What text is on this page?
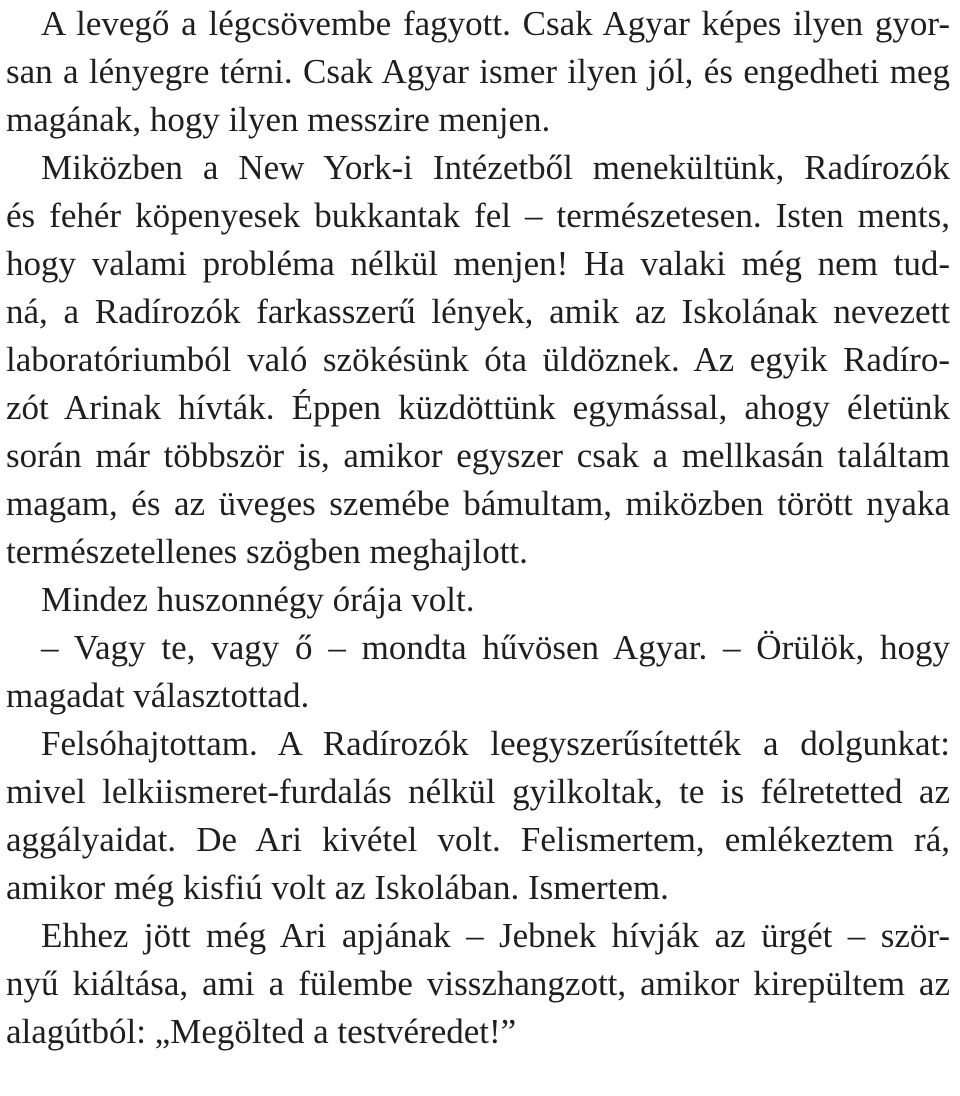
A levegő a légcsövembe fagyott. Csak Agyar képes ilyen gyor-

san a lényegre térni. Csak Agyar ismer ilyen jól, és engedheti meg

magának, hogy ilyen messzire menjen.

Miközben a New York-i Intézetből menekültünk, Radírozók

és fehér köpenyesek bukkantak fel – természetesen. Isten ments,

hogy valami probléma nélkül menjen! Ha valaki még nem tud-

ná, a Radírozók farkasszerű lények, amik az Iskolának nevezett

laboratóriumból való szökésünk óta üldöznek. Az egyik Radíro-

zót Arinak hívták. Éppen küzdöttünk egymással, ahogy életünk

során már többször is, amikor egyszer csak a mellkasán találtam

magam, és az üveges szemébe bámultam, miközben törött nyaka

természetellenes szögben meghajlott.

Mindez huszonnégy órája volt.

– Vagy te, vagy ő – mondta hűvösen Agyar. – Örülök, hogy

magadat választottad.

Felsóhajtottam. A Radírozók leegyszerűsítették a dolgunkat:

mivel lelkiismeret-furdalás nélkül gyilkoltak, te is félretetted az

aggályaidat. De Ari kivétel volt. Felismertem, emlékeztem rá,

amikor még kisfiú volt az Iskolában. Ismertem.

Ehhez jött még Ari apjának – Jebnek hívják az ürgét – ször-

nyű kiáltása, ami a fülembe visszhangzott, amikor kirepültem az

alagútból: „Megölted a testvéredet!”
